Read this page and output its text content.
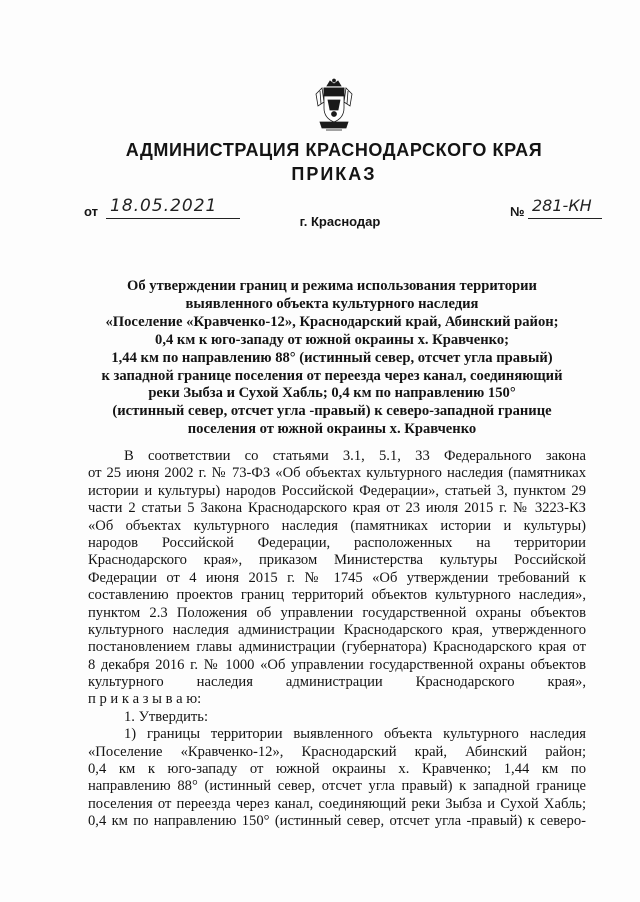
АДМИНИСТРАЦИЯ КРАСНОДАРСКОГО КРАЯ
ПРИКАЗ
от 18.05.2021	№ 281-КН
г. Краснодар
Об утверждении границ и режима использования территории
выявленного объекта культурного наследия
«Поселение «Кравченко-12», Краснодарский край, Абинский район;
0,4 км к юго-западу от южной окраины х. Кравченко;
1,44 км по направлению 88° (истинный север, отсчет угла правый)
к западной границе поселения от переезда через канал, соединяющий
реки Зыбза и Сухой Хабль; 0,4 км по направлению 150°
(истинный север, отсчет угла -правый) к северо-западной границе
поселения от южной окраины х. Кравченко
В соответствии со статьями 3.1, 5.1, 33 Федерального закона
от 25 июня 2002 г. № 73-ФЗ «Об объектах культурного наследия (памятниках
истории и культуры) народов Российской Федерации», статьей 3, пунктом 29
части 2 статьи 5 Закона Краснодарского края от 23 июля 2015 г. № 3223-КЗ
«Об объектах культурного наследия (памятниках истории и культуры)
народов Российской Федерации, расположенных на территории
Краснодарского края», приказом Министерства культуры Российской
Федерации от 4 июня 2015 г. № 1745 «Об утверждении требований к
составлению проектов границ территорий объектов культурного наследия»,
пунктом 2.3 Положения об управлении государственной охраны объектов
культурного наследия администрации Краснодарского края, утвержденного
постановлением главы администрации (губернатора) Краснодарского края от
8 декабря 2016 г. № 1000 «Об управлении государственной охраны объектов
культурного наследия администрации Краснодарского края»,
п р и к а з ы в а ю:
1. Утвердить:
1) границы территории выявленного объекта культурного наследия
«Поселение «Кравченко-12», Краснодарский край, Абинский район;
0,4 км к юго-западу от южной окраины х. Кравченко; 1,44 км по
направлению 88° (истинный север, отсчет угла правый) к западной границе
поселения от переезда через канал, соединяющий реки Зыбза и Сухой Хабль;
0,4 км по направлению 150° (истинный север, отсчет угла -правый) к северо-
